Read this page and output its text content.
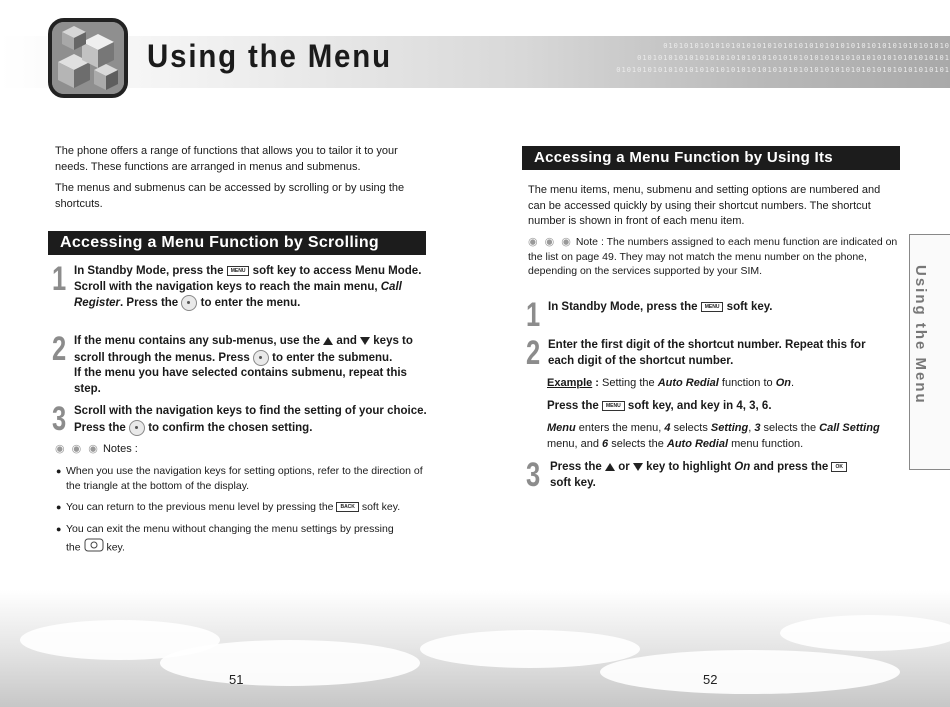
0101010101010101010101010101010101010101010101010101010
010101010101010101010101010101010101010101010101010101010101
0101010101010101010101010101010101010101010101010101010101010101
Using the Menu
Using the Menu

The phone offers a range of functions that allows you to tailor it to your needs. These functions are arranged in menus and submenus.

The menus and submenus can be accessed by scrolling or by using the shortcuts.

Accessing a Menu Function by Scrolling
1 In Standby Mode, press the MENU soft key to access Menu Mode. Scroll with the navigation keys to reach the main menu, Call Register. Press the to enter the menu.
2 If the menu contains any sub-menus, use the and keys to scroll through the menus. Press to enter the submenu.
If the menu you have selected contains submenu, repeat this step.
3 Scroll with the navigation keys to find the setting of your choice. Press the to confirm the chosen setting.
◉ ◉ ◉ Notes :
● When you use the navigation keys for setting options, refer to the direction of the triangle at the bottom of the display.
● You can return to the previous menu level by pressing the BACK soft key.
● You can exit the menu without changing the menu settings by pressing the key.
Accessing a Menu Function by Using Its Shortcut

The menu items, menu, submenu and setting options are numbered and can be accessed quickly by using their shortcut numbers. The shortcut number is shown in front of each menu item.

◉ ◉ ◉ Note : The numbers assigned to each menu function are indicated on the list on page 49. They may not match the menu number on the phone, depending on the services supported by your SIM.
1 In Standby Mode, press the MENU soft key.
2 Enter the first digit of the shortcut number. Repeat this for each digit of the shortcut number.
Example : Setting the Auto Redial function to On.
Press the MENU soft key, and key in 4, 3, 6.
Menu enters the menu, 4 selects Setting, 3 selects the Call Setting menu, and 6 selects the Auto Redial menu function.
3 Press the or key to highlight On and press the OK soft key.
51	52
